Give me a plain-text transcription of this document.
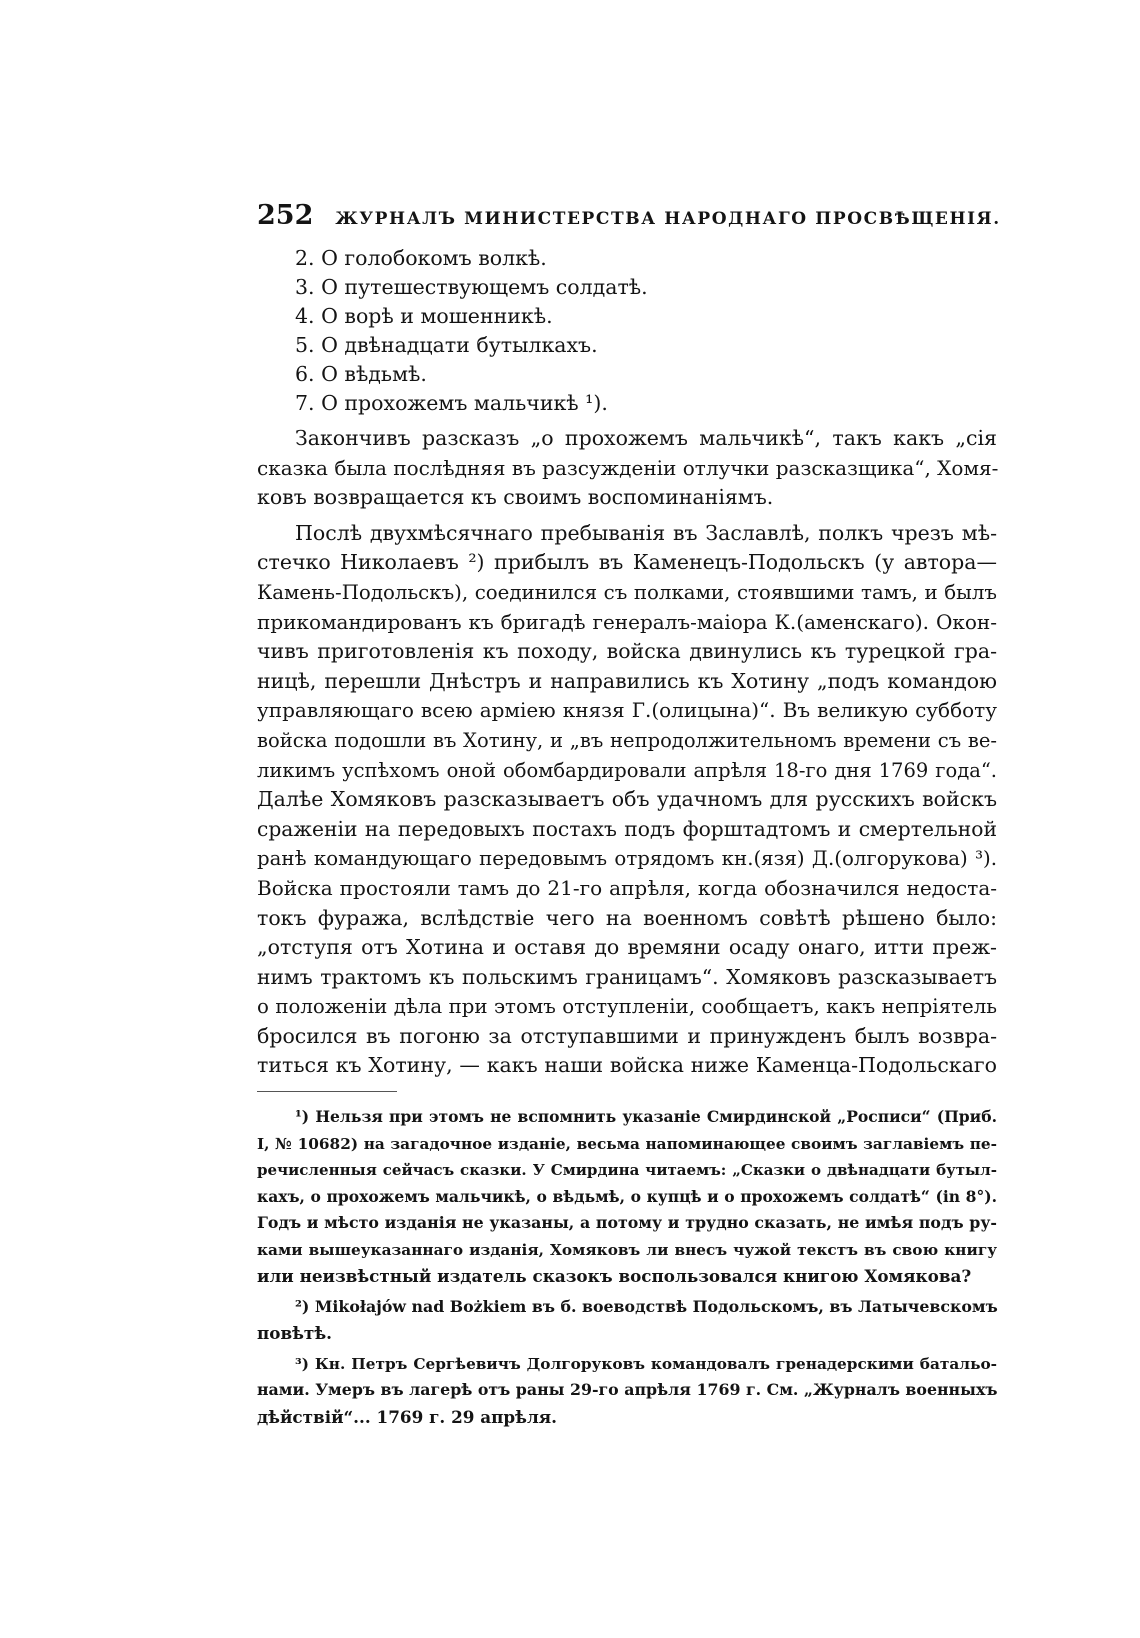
252 ЖУРНАЛЪ МИНИСТЕРСТВА НАРОДНАГО ПРОСВѢЩЕНІЯ.
2. О голобокомъ волкѣ.
3. О путешествующемъ солдатѣ.
4. О ворѣ и мошенникѣ.
5. О двѣнадцати бутылкахъ.
6. О вѣдьмѣ.
7. О прохожемъ мальчикѣ ¹).
Закончивъ разсказъ „о прохожемъ мальчикѣ“, такъ какъ „сія
сказка была послѣдняя въ разсужденіи отлучки разсказщика“, Хомя-
ковъ возвращается къ своимъ воспоминаніямъ.
Послѣ двухмѣсячнаго пребыванія въ Заславлѣ, полкъ чрезъ мѣ-
стечко Николаевъ ²) прибылъ въ Каменецъ-Подольскъ (у автора—
Камень-Подольскъ), соединился съ полками, стоявшими тамъ, и былъ
прикомандированъ къ бригадѣ генералъ-маіора К.(аменскаго). Окон-
чивъ приготовленія къ походу, войска двинулись къ турецкой гра-
ницѣ, перешли Днѣстръ и направились къ Хотину „подъ командою
управляющаго всею арміею князя Г.(олицына)“. Въ великую субботу
войска подошли въ Хотину, и „въ непродолжительномъ времени съ ве-
ликимъ успѣхомъ оной обомбардировали апрѣля 18-го дня 1769 года“.
Далѣе Хомяковъ разсказываетъ объ удачномъ для русскихъ войскъ
сраженіи на передовыхъ постахъ подъ форштадтомъ и смертельной
ранѣ командующаго передовымъ отрядомъ кн.(язя) Д.(олгорукова) ³).
Войска простояли тамъ до 21-го апрѣля, когда обозначился недоста-
токъ фуража, вслѣдствіе чего на военномъ совѣтѣ рѣшено было:
„отступя отъ Хотина и оставя до времяни осаду онаго, итти преж-
нимъ трактомъ къ польскимъ границамъ“. Хомяковъ разсказываетъ
о положеніи дѣла при этомъ отступленіи, сообщаетъ, какъ непріятель
бросился въ погоню за отступавшими и принужденъ былъ возвра-
титься къ Хотину, — какъ наши войска ниже Каменца-Подольскаго
¹) Нельзя при этомъ не вспомнить указаніе Смирдинской „Росписи“ (Приб.
I, № 10682) на загадочное изданіе, весьма напоминающее своимъ заглавіемъ пе-
речисленныя сейчасъ сказки. У Смирдина читаемъ: „Сказки о двѣнадцати бутыл-
кахъ, о прохожемъ мальчикѣ, о вѣдьмѣ, о купцѣ и о прохожемъ солдатѣ“ (in 8°).
Годъ и мѣсто изданія не указаны, а потому и трудно сказать, не имѣя подъ ру-
ками вышеуказаннаго изданія, Хомяковъ ли внесъ чужой текстъ въ свою книгу
или неизвѣстный издатель сказокъ воспользовался книгою Хомякова?
²) Mikołajów nad Bożkiem въ б. воеводствѣ Подольскомъ, въ Латычевскомъ
повѣтѣ.
³) Кн. Петръ Сергѣевичъ Долгоруковъ командовалъ гренадерскими батальо-
нами. Умеръ въ лагерѣ отъ раны 29-го апрѣля 1769 г. См. „Журналъ военныхъ
дѣйствій“... 1769 г. 29 апрѣля.
